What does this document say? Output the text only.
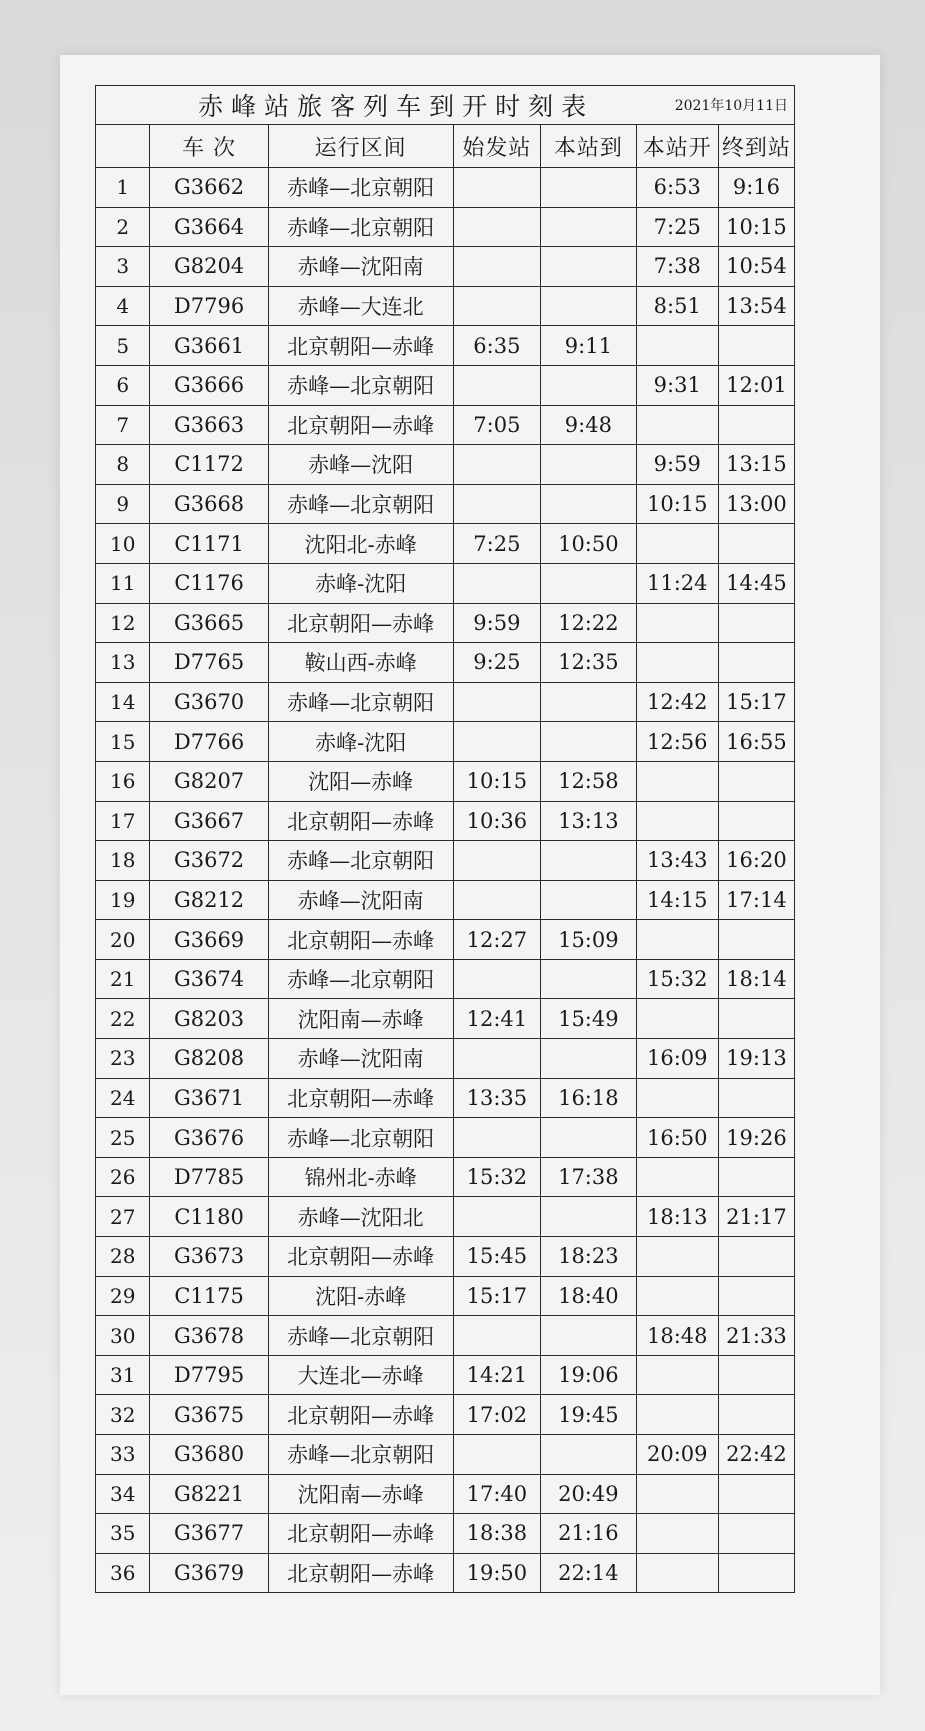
赤峰站旅客列车到开时刻表					2021年10月11日	
	车 次	运行区间	始发站	本站到	本站开	终到站
1	G3662	赤峰—北京朝阳			6:53	9:16
2	G3664	赤峰—北京朝阳			7:25	10:15
3	G8204	赤峰—沈阳南			7:38	10:54
4	D7796	赤峰—大连北			8:51	13:54
5	G3661	北京朝阳—赤峰	6:35	9:11		
6	G3666	赤峰—北京朝阳			9:31	12:01
7	G3663	北京朝阳—赤峰	7:05	9:48		
8	C1172	赤峰—沈阳			9:59	13:15
9	G3668	赤峰—北京朝阳			10:15	13:00
10	C1171	沈阳北-赤峰	7:25	10:50		
11	C1176	赤峰-沈阳			11:24	14:45
12	G3665	北京朝阳—赤峰	9:59	12:22		
13	D7765	鞍山西-赤峰	9:25	12:35		
14	G3670	赤峰—北京朝阳			12:42	15:17
15	D7766	赤峰-沈阳			12:56	16:55
16	G8207	沈阳—赤峰	10:15	12:58		
17	G3667	北京朝阳—赤峰	10:36	13:13		
18	G3672	赤峰—北京朝阳			13:43	16:20
19	G8212	赤峰—沈阳南			14:15	17:14
20	G3669	北京朝阳—赤峰	12:27	15:09		
21	G3674	赤峰—北京朝阳			15:32	18:14
22	G8203	沈阳南—赤峰	12:41	15:49		
23	G8208	赤峰—沈阳南			16:09	19:13
24	G3671	北京朝阳—赤峰	13:35	16:18		
25	G3676	赤峰—北京朝阳			16:50	19:26
26	D7785	锦州北-赤峰	15:32	17:38		
27	C1180	赤峰—沈阳北			18:13	21:17
28	G3673	北京朝阳—赤峰	15:45	18:23		
29	C1175	沈阳-赤峰	15:17	18:40		
30	G3678	赤峰—北京朝阳			18:48	21:33
31	D7795	大连北—赤峰	14:21	19:06		
32	G3675	北京朝阳—赤峰	17:02	19:45		
33	G3680	赤峰—北京朝阳			20:09	22:42
34	G8221	沈阳南—赤峰	17:40	20:49		
35	G3677	北京朝阳—赤峰	18:38	21:16		
36	G3679	北京朝阳—赤峰	19:50	22:14		
